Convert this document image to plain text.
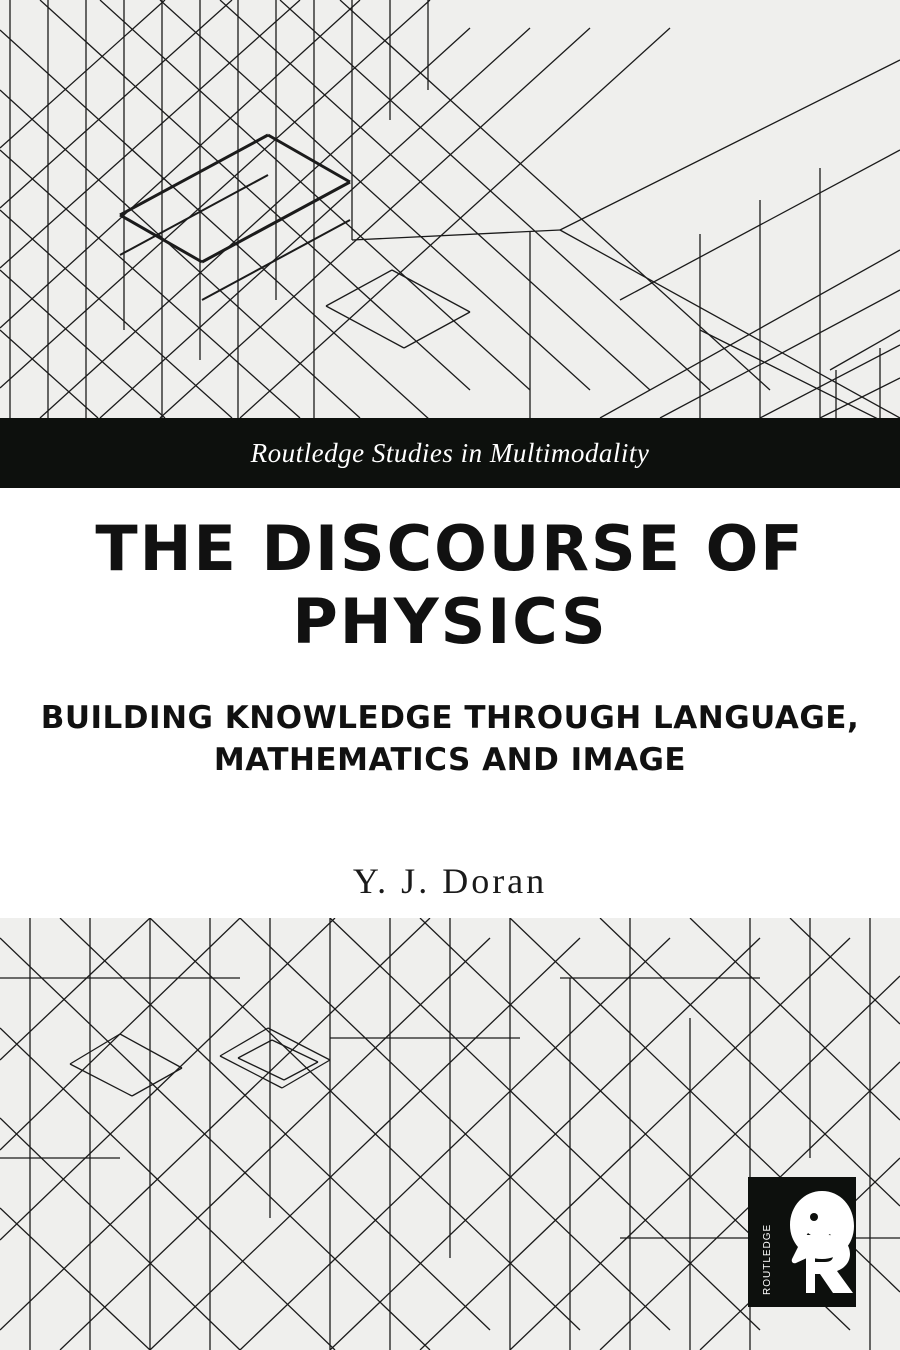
Routledge Studies in Multimodality
THE DISCOURSE OF
PHYSICS
BUILDING KNOWLEDGE THROUGH LANGUAGE,
MATHEMATICS AND IMAGE

Y. J. Doran

ROUTLEDGE
